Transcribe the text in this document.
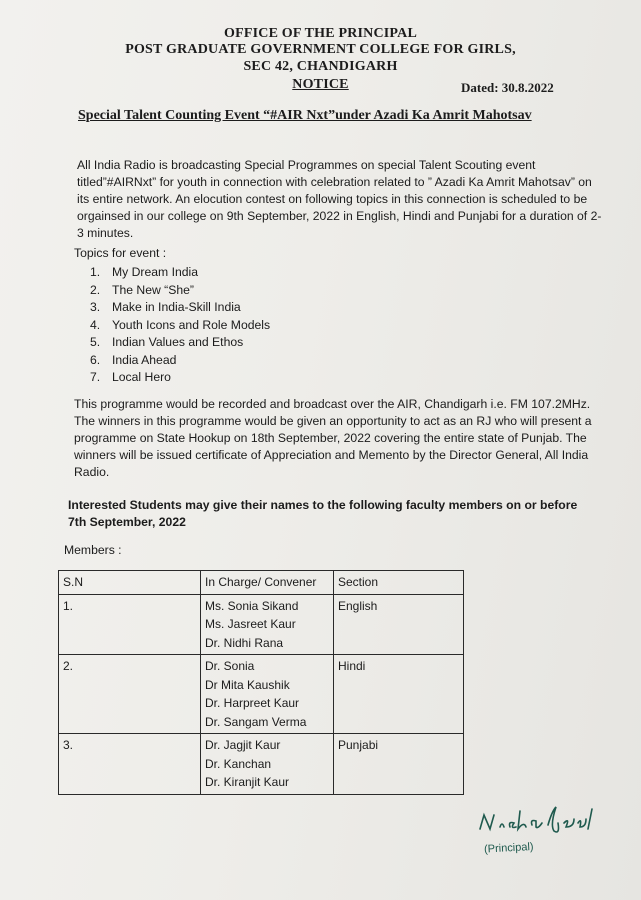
OFFICE OF THE PRINCIPAL
POST GRADUATE GOVERNMENT COLLEGE FOR GIRLS,
SEC 42, CHANDIGARH
NOTICE	Dated: 30.8.2022
Special Talent Counting Event “#AIR Nxt”under Azadi Ka Amrit Mahotsav
All India Radio is broadcasting Special Programmes on special Talent Scouting event titled”#AIRNxt” for youth in connection with celebration related to ” Azadi Ka Amrit Mahotsav” on its entire network. An elocution contest on following topics in this connection is scheduled to be orgainsed in our college on 9th September, 2022 in English, Hindi and Punjabi for a duration of 2-3 minutes.
Topics for event :
1. My Dream India
2. The New “She”
3. Make in India-Skill India
4. Youth Icons and Role Models
5. Indian Values and Ethos
6. India Ahead
7. Local Hero
This programme would be recorded and broadcast over the AIR, Chandigarh i.e. FM 107.2MHz. The winners in this programme would be given an opportunity to act as an RJ who will present a programme on State Hookup on 18th September, 2022 covering the entire state of Punjab. The winners will be issued certificate of Appreciation and Memento by the Director General, All India Radio.
Interested Students may give their names to the following faculty members on or before 7th September, 2022
Members :
S.N	In Charge/ Convener	Section
1.	Ms. Sonia Sikand
Ms. Jasreet Kaur
Dr. Nidhi Rana	English
2.	Dr. Sonia
Dr Mita Kaushik
Dr. Harpreet Kaur
Dr. Sangam Verma	Hindi
3.	Dr. Jagjit Kaur
Dr. Kanchan
Dr. Kiranjit Kaur	Punjabi
(Principal)
